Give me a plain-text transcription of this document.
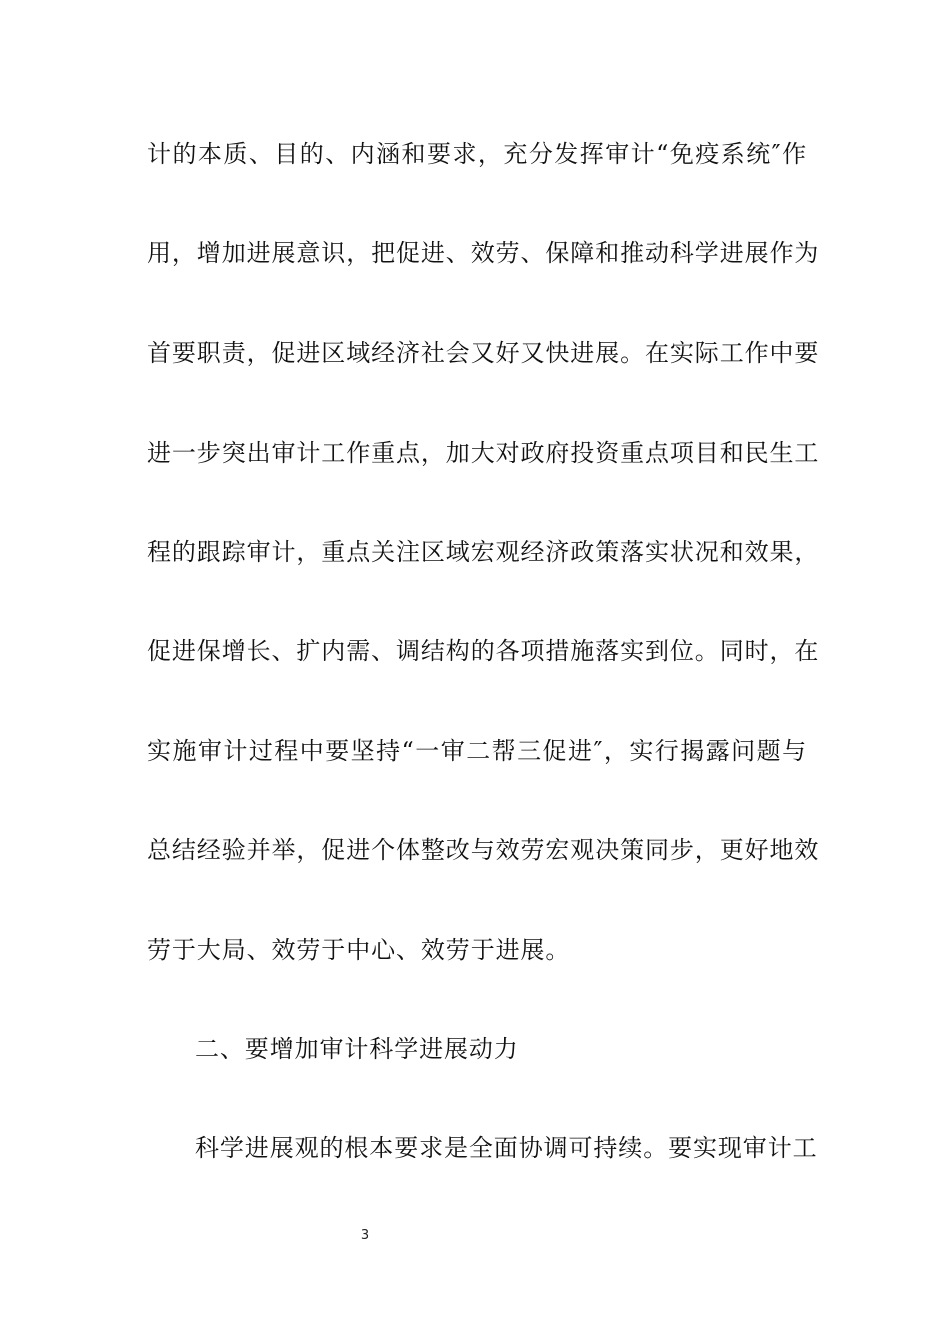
计的本质、目的、内涵和要求，充分发挥审计“免疫系统″作
用，增加进展意识，把促进、效劳、保障和推动科学进展作为
首要职责，促进区域经济社会又好又快进展。在实际工作中要
进一步突出审计工作重点，加大对政府投资重点项目和民生工
程的跟踪审计，重点关注区域宏观经济政策落实状况和效果，
促进保增长、扩内需、调结构的各项措施落实到位。同时，在
实施审计过程中要坚持“一审二帮三促进″，实行揭露问题与
总结经验并举，促进个体整改与效劳宏观决策同步，更好地效
劳于大局、效劳于中心、效劳于进展。
二、要增加审计科学进展动力
科学进展观的根本要求是全面协调可持续。要实现审计工
3
